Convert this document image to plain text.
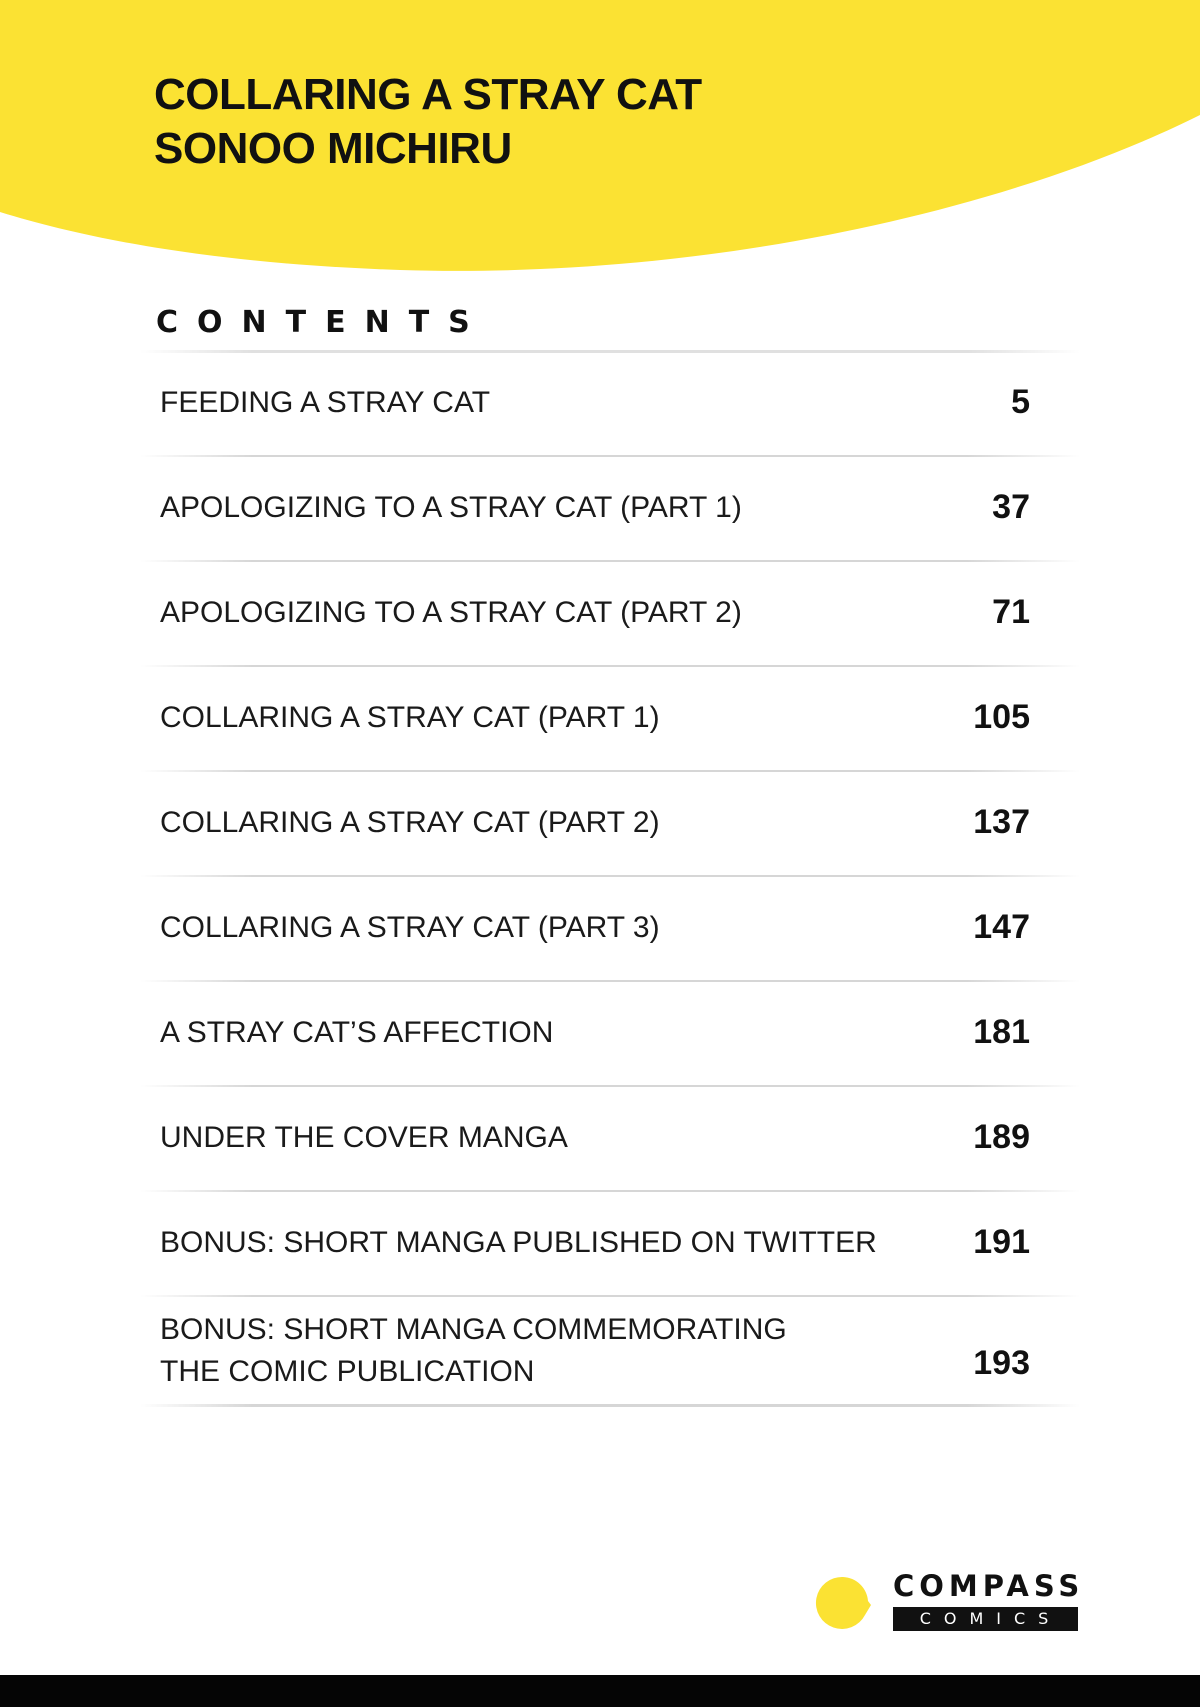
COLLARING A STRAY CAT
SONOO MICHIRU
CONTENTS
FEEDING A STRAY CAT	5
APOLOGIZING TO A STRAY CAT (PART 1)	37
APOLOGIZING TO A STRAY CAT (PART 2)	71
COLLARING A STRAY CAT (PART 1)	105
COLLARING A STRAY CAT (PART 2)	137
COLLARING A STRAY CAT (PART 3)	147
A STRAY CAT’S AFFECTION	181
UNDER THE COVER MANGA	189
BONUS: SHORT MANGA PUBLISHED ON TWITTER	191
BONUS: SHORT MANGA COMMEMORATING
THE COMIC PUBLICATION	193
COMPASS
COMICS
